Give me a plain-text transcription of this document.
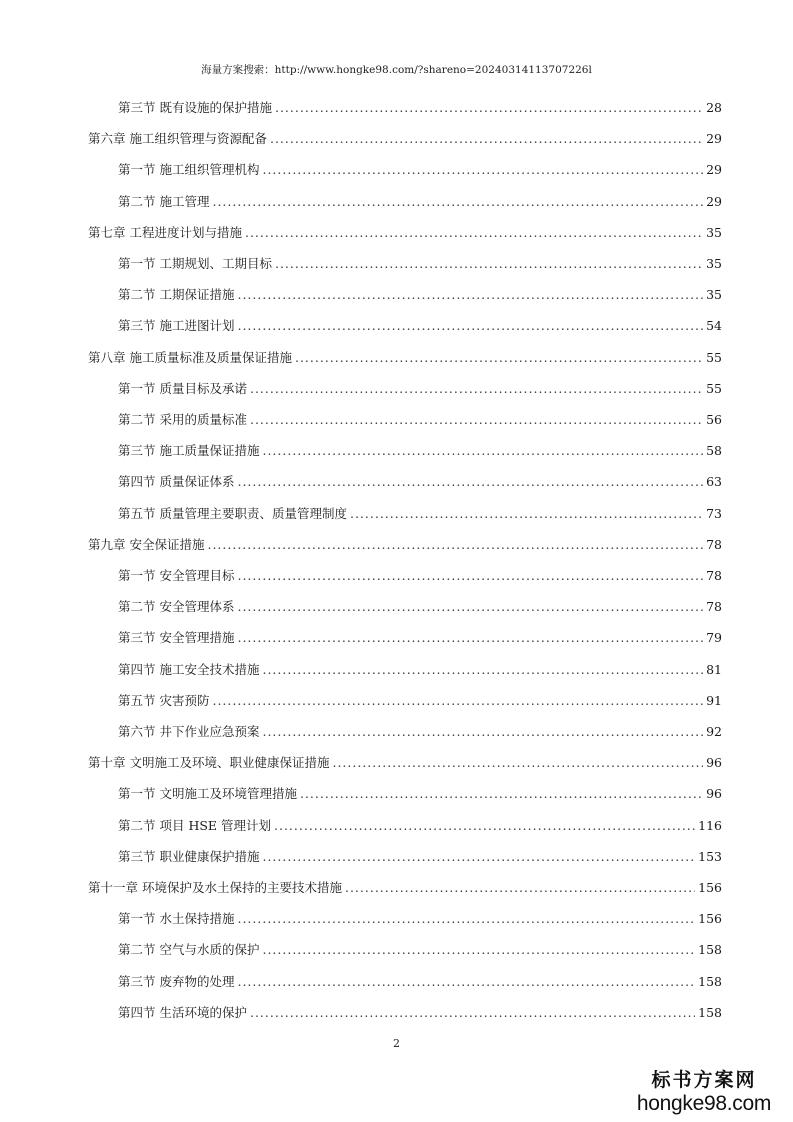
海量方案搜索：http://www.hongke98.com/?shareno=20240314113707226l
第三节 既有设施的保护措施 .....	28
第六章 施工组织管理与资源配备 .....	29
第一节 施工组织管理机构 .....	29
第二节 施工管理 .....	29
第七章 工程进度计划与措施 .....	35
第一节 工期规划、工期目标 .....	35
第二节 工期保证措施 .....	35
第三节 施工进图计划 .....	54
第八章 施工质量标准及质量保证措施 .....	55
第一节 质量目标及承诺 .....	55
第二节 采用的质量标准 .....	56
第三节 施工质量保证措施 .....	58
第四节 质量保证体系 .....	63
第五节 质量管理主要职责、质量管理制度 .....	73
第九章 安全保证措施 .....	78
第一节 安全管理目标 .....	78
第二节 安全管理体系 .....	78
第三节 安全管理措施 .....	79
第四节 施工安全技术措施 .....	81
第五节 灾害预防 .....	91
第六节 井下作业应急预案 .....	92
第十章 文明施工及环境、职业健康保证措施 .....	96
第一节 文明施工及环境管理措施 .....	96
第二节 项目 HSE 管理计划 .....	116
第三节 职业健康保护措施 .....	153
第十一章 环境保护及水土保持的主要技术措施 .....	156
第一节 水土保持措施 .....	156
第二节 空气与水质的保护 .....	158
第三节 废弃物的处理 .....	158
第四节 生活环境的保护 .....	158
2
标书方案网
hongke98.com
